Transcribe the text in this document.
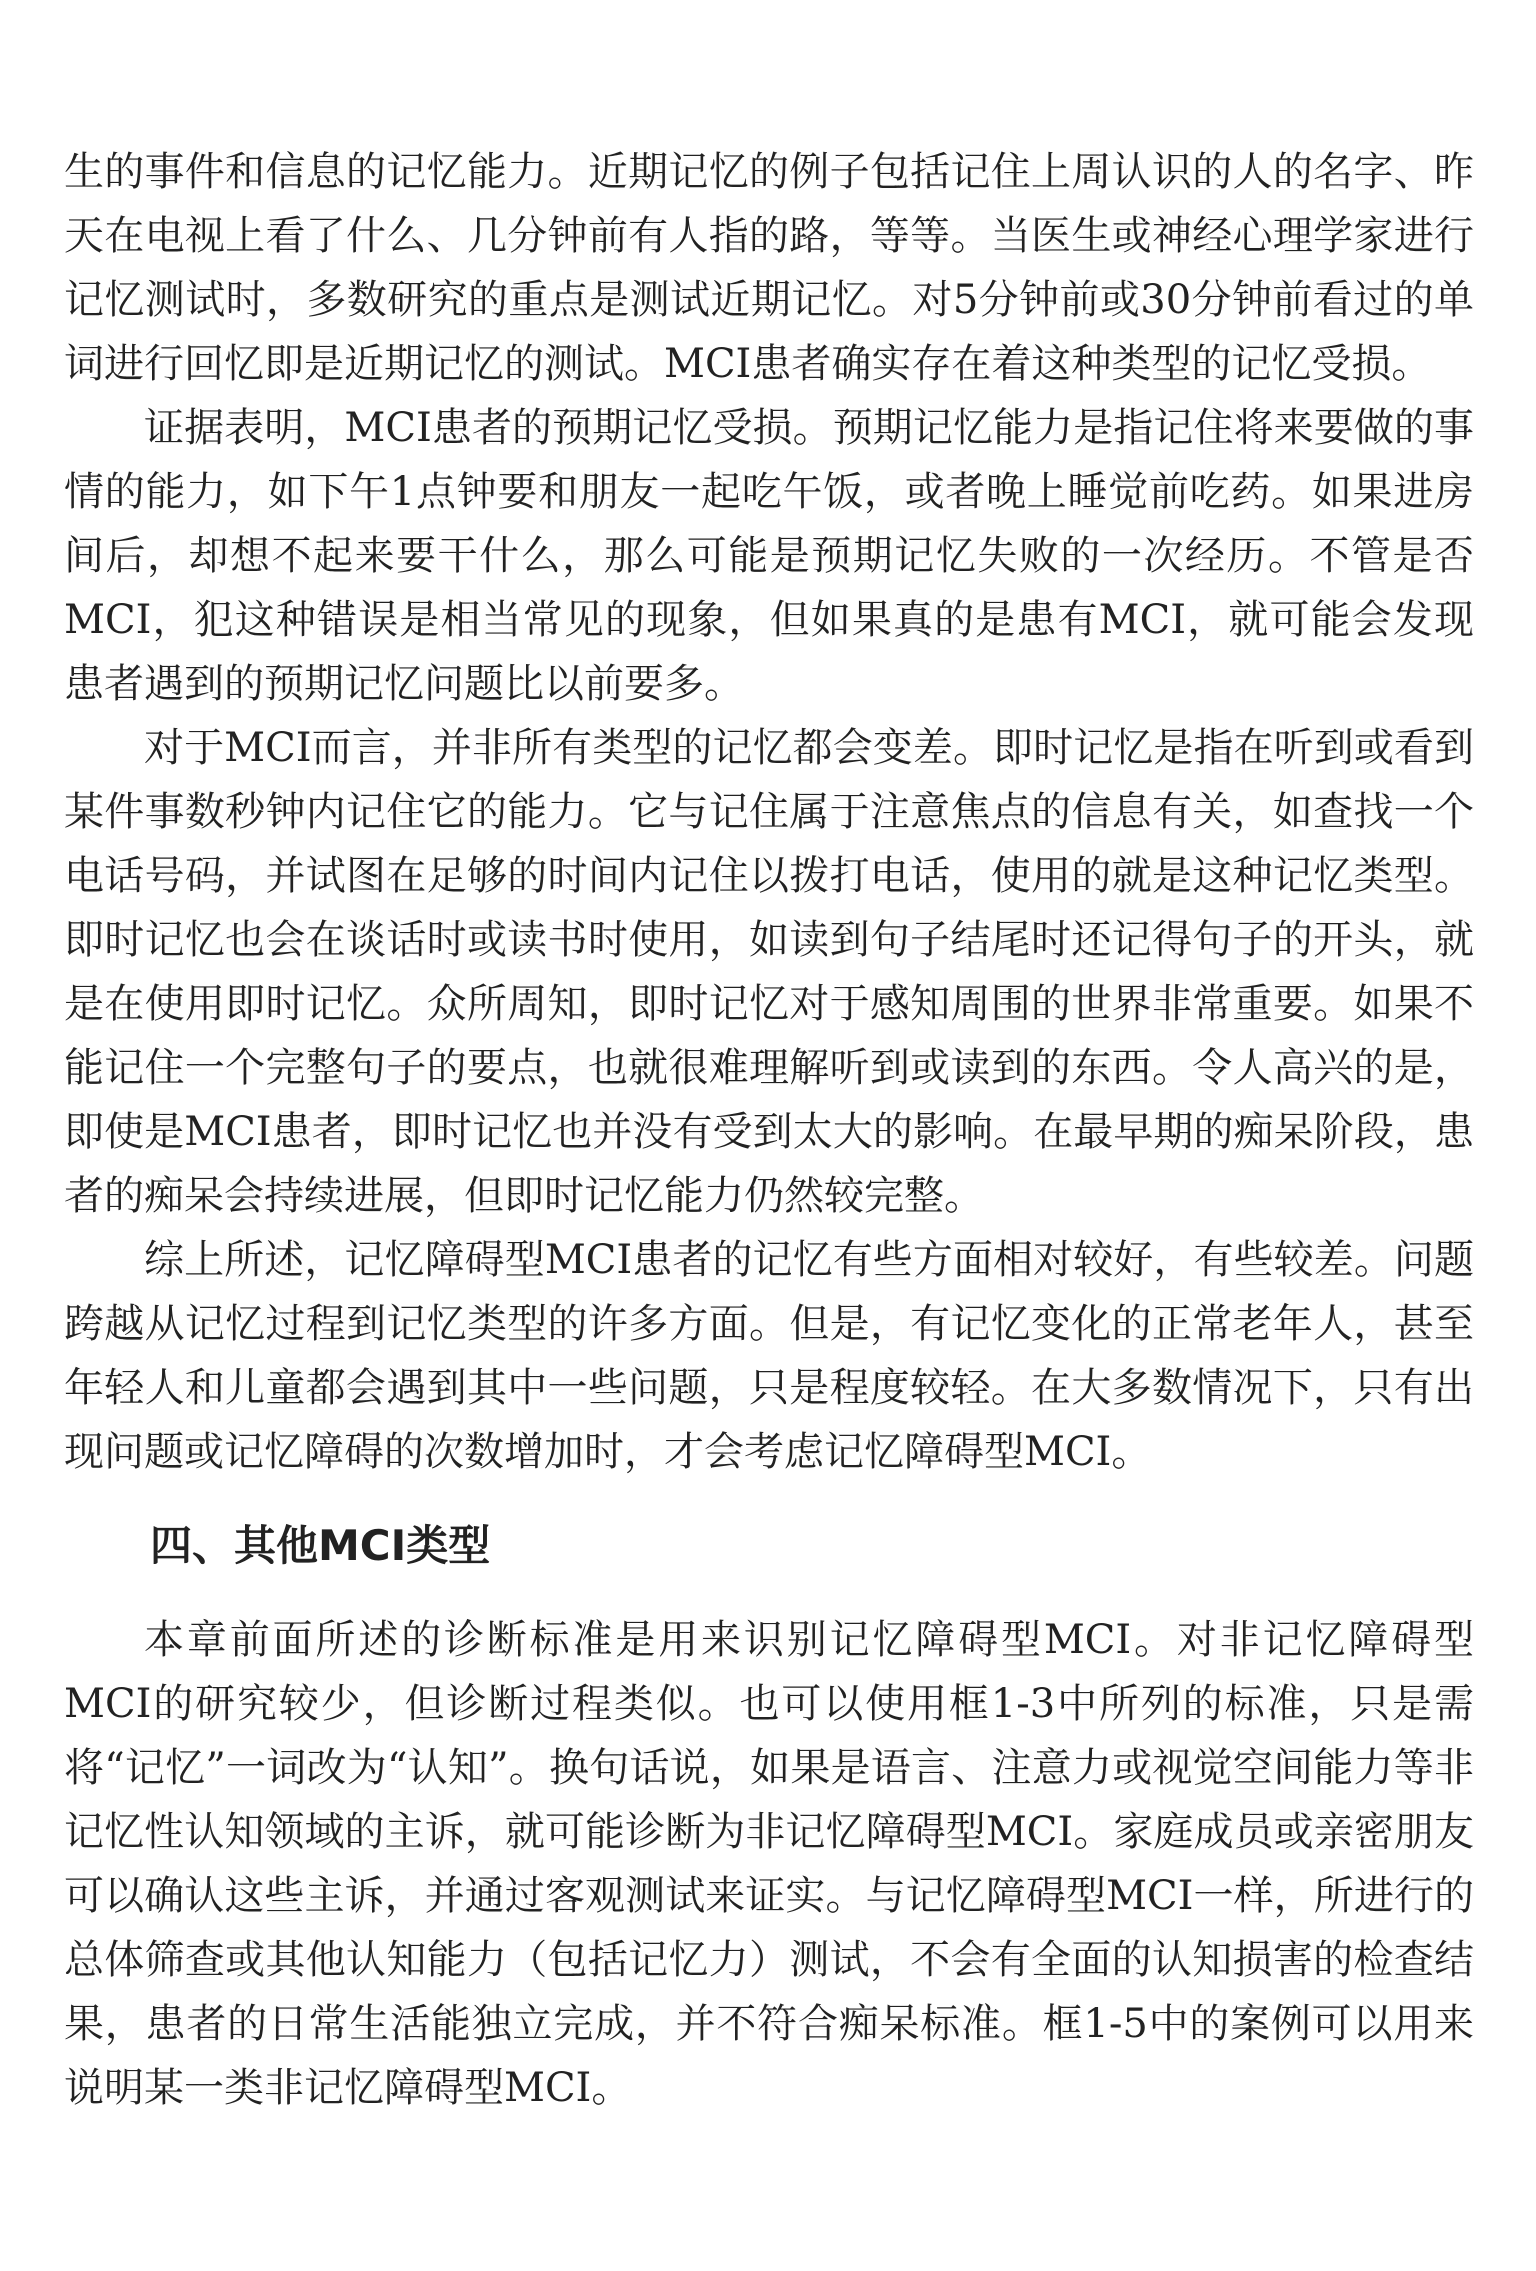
生的事件和信息的记忆能力。近期记忆的例子包括记住上周认识的人的名字、昨天在电视上看了什么、几分钟前有人指的路，等等。当医生或神经心理学家进行记忆测试时，多数研究的重点是测试近期记忆。对5分钟前或30分钟前看过的单词进行回忆即是近期记忆的测试。MCI患者确实存在着这种类型的记忆受损。

证据表明，MCI患者的预期记忆受损。预期记忆能力是指记住将来要做的事情的能力，如下午1点钟要和朋友一起吃午饭，或者晚上睡觉前吃药。如果进房间后，却想不起来要干什么，那么可能是预期记忆失败的一次经历。不管是否MCI，犯这种错误是相当常见的现象，但如果真的是患有MCI，就可能会发现患者遇到的预期记忆问题比以前要多。

对于MCI而言，并非所有类型的记忆都会变差。即时记忆是指在听到或看到某件事数秒钟内记住它的能力。它与记住属于注意焦点的信息有关，如查找一个电话号码，并试图在足够的时间内记住以拨打电话，使用的就是这种记忆类型。即时记忆也会在谈话时或读书时使用，如读到句子结尾时还记得句子的开头，就是在使用即时记忆。众所周知，即时记忆对于感知周围的世界非常重要。如果不能记住一个完整句子的要点，也就很难理解听到或读到的东西。令人高兴的是，即使是MCI患者，即时记忆也并没有受到太大的影响。在最早期的痴呆阶段，患者的痴呆会持续进展，但即时记忆能力仍然较完整。

综上所述，记忆障碍型MCI患者的记忆有些方面相对较好，有些较差。问题跨越从记忆过程到记忆类型的许多方面。但是，有记忆变化的正常老年人，甚至年轻人和儿童都会遇到其中一些问题，只是程度较轻。在大多数情况下，只有出现问题或记忆障碍的次数增加时，才会考虑记忆障碍型MCI。

四、其他MCI类型

本章前面所述的诊断标准是用来识别记忆障碍型MCI。对非记忆障碍型MCI的研究较少，但诊断过程类似。也可以使用框1-3中所列的标准，只是需将“记忆”一词改为“认知”。换句话说，如果是语言、注意力或视觉空间能力等非记忆性认知领域的主诉，就可能诊断为非记忆障碍型MCI。家庭成员或亲密朋友可以确认这些主诉，并通过客观测试来证实。与记忆障碍型MCI一样，所进行的总体筛查或其他认知能力（包括记忆力）测试，不会有全面的认知损害的检查结果，患者的日常生活能独立完成，并不符合痴呆标准。框1-5中的案例可以用来说明某一类非记忆障碍型MCI。
